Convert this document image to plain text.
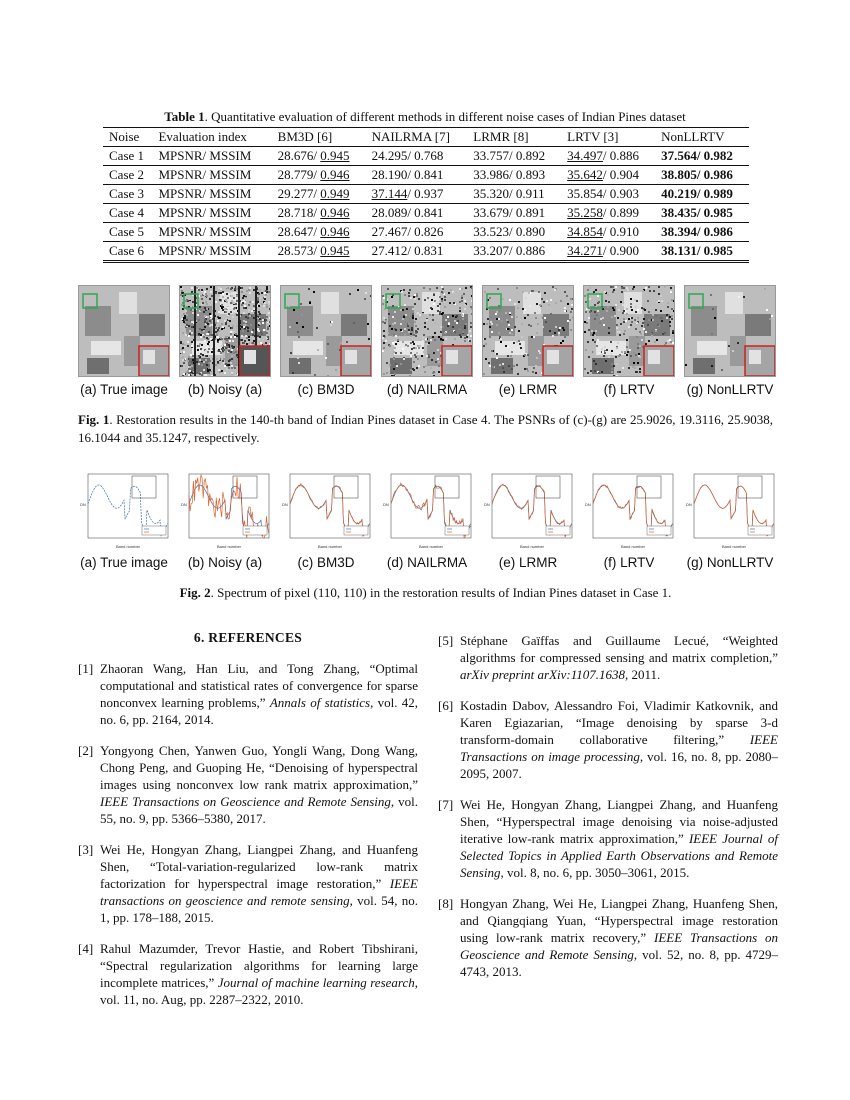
Table 1. Quantitative evaluation of different methods in different noise cases of Indian Pines dataset
Noise	Evaluation index	BM3D [6]	NAILRMA [7]	LRMR [8]	LRTV [3]	NonLLRTV
Case 1	MPSNR/ MSSIM	28.676/ 0.945	24.295/ 0.768	33.757/ 0.892	34.497/ 0.886	37.564/ 0.982
Case 2	MPSNR/ MSSIM	28.779/ 0.946	28.190/ 0.841	33.986/ 0.893	35.642/ 0.904	38.805/ 0.986
Case 3	MPSNR/ MSSIM	29.277/ 0.949	37.144/ 0.937	35.320/ 0.911	35.854/ 0.903	40.219/ 0.989
Case 4	MPSNR/ MSSIM	28.718/ 0.946	28.089/ 0.841	33.679/ 0.891	35.258/ 0.899	38.435/ 0.985
Case 5	MPSNR/ MSSIM	28.647/ 0.946	27.467/ 0.826	33.523/ 0.890	34.854/ 0.910	38.394/ 0.986
Case 6	MPSNR/ MSSIM	28.573/ 0.945	27.412/ 0.831	33.207/ 0.886	34.271/ 0.900	38.131/ 0.985
(a) True image (b) Noisy (a)	(c) BM3D (d) NAILRMA (e) LRMR	(f) LRTV (g) NonLLRTV
Fig. 1. Restoration results in the 140-th band of Indian Pines dataset in Case 4. The PSNRs of (c)-(g) are 25.9026, 19.3116, 25.9038, 16.1044 and 35.1247, respectively.
Band number
DN
Band number
DN
Band number
DN
Band number
DN
Band number
DN
Band number
DN
Band number
DN
(a) True image (b) Noisy (a)	(c) BM3D (d) NAILRMA (e) LRMR	(f) LRTV (g) NonLLRTV
Fig. 2. Spectrum of pixel (110, 110) in the restoration results of Indian Pines dataset in Case 1.
6. REFERENCES
[1] Zhaoran Wang, Han Liu, and Tong Zhang, “Optimal computational and statistical rates of convergence for sparse nonconvex learning problems,” Annals of statistics, vol. 42, no. 6, pp. 2164, 2014.
[2] Yongyong Chen, Yanwen Guo, Yongli Wang, Dong Wang, Chong Peng, and Guoping He, “Denoising of hyperspectral images using nonconvex low rank matrix approximation,” IEEE Transactions on Geoscience and Remote Sensing, vol. 55, no. 9, pp. 5366–5380, 2017.
[3] Wei He, Hongyan Zhang, Liangpei Zhang, and Huanfeng Shen, “Total-variation-regularized low-rank matrix factorization for hyperspectral image restoration,” IEEE transactions on geoscience and remote sensing, vol. 54, no. 1, pp. 178–188, 2015.
[4] Rahul Mazumder, Trevor Hastie, and Robert Tibshirani, “Spectral regularization algorithms for learning large incomplete matrices,” Journal of machine learning research, vol. 11, no. Aug, pp. 2287–2322, 2010.
[5] Stéphane Gaïffas and Guillaume Lecué, “Weighted algorithms for compressed sensing and matrix completion,” arXiv preprint arXiv:1107.1638, 2011.
[6] Kostadin Dabov, Alessandro Foi, Vladimir Katkovnik, and Karen Egiazarian, “Image denoising by sparse 3-d transform-domain collaborative filtering,” IEEE Transactions on image processing, vol. 16, no. 8, pp. 2080–2095, 2007.
[7] Wei He, Hongyan Zhang, Liangpei Zhang, and Huanfeng Shen, “Hyperspectral image denoising via noise-adjusted iterative low-rank matrix approximation,” IEEE Journal of Selected Topics in Applied Earth Observations and Remote Sensing, vol. 8, no. 6, pp. 3050–3061, 2015.
[8] Hongyan Zhang, Wei He, Liangpei Zhang, Huanfeng Shen, and Qiangqiang Yuan, “Hyperspectral image restoration using low-rank matrix recovery,” IEEE Transactions on Geoscience and Remote Sensing, vol. 52, no. 8, pp. 4729–4743, 2013.
